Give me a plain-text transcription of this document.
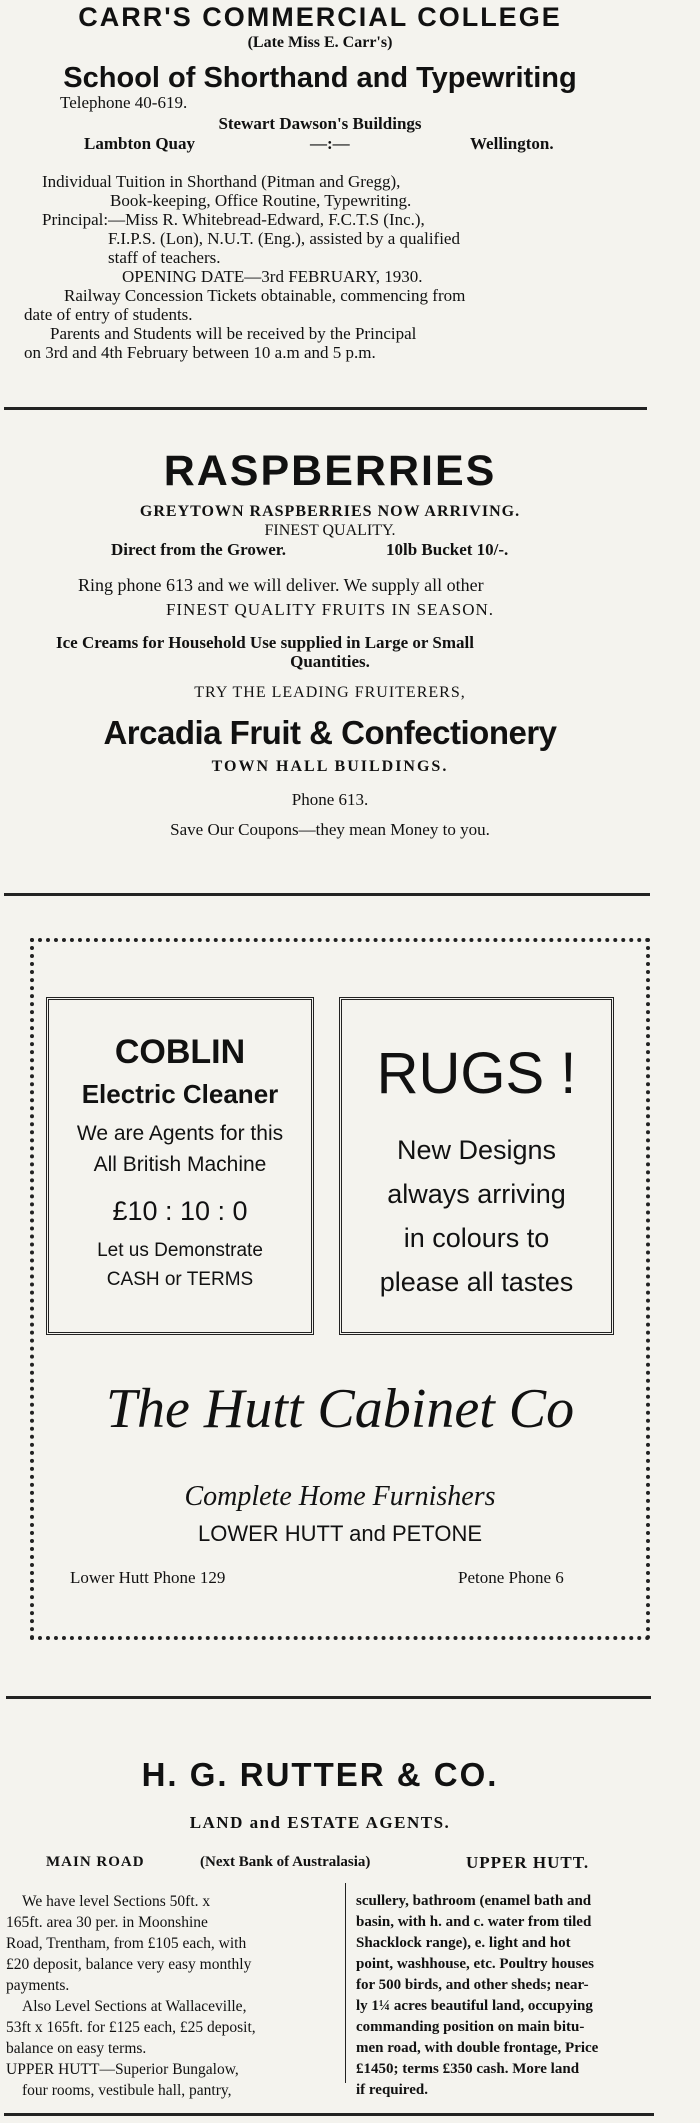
CARR'S COMMERCIAL COLLEGE
(Late Miss E. Carr's)
School of Shorthand and Typewriting
Telephone 40-619.
Stewart Dawson's Buildings
Lambton Quay	—:—	Wellington.
Individual Tuition in Shorthand (Pitman and Gregg),
Book-keeping, Office Routine, Typewriting.
Principal:—Miss R. Whitebread-Edward, F.C.T.S (Inc.),
F.I.P.S. (Lon), N.U.T. (Eng.), assisted by a qualified
staff of teachers.
OPENING DATE—3rd FEBRUARY, 1930.
Railway Concession Tickets obtainable, commencing from
date of entry of students.
Parents and Students will be received by the Principal
on 3rd and 4th February between 10 a.m and 5 p.m.
RASPBERRIES
GREYTOWN RASPBERRIES NOW ARRIVING.
FINEST QUALITY.
Direct from the Grower.	10lb Bucket 10/-.
Ring phone 613 and we will deliver. We supply all other
FINEST QUALITY FRUITS IN SEASON.
Ice Creams for Household Use supplied in Large or Small
Quantities.
TRY THE LEADING FRUITERERS,
Arcadia Fruit & Confectionery
TOWN HALL BUILDINGS.
Phone 613.
Save Our Coupons—they mean Money to you.
COBLIN
Electric Cleaner
We are Agents for this
All British Machine
£10 : 10 : 0
Let us Demonstrate
CASH or TERMS
RUGS !
New Designs
always arriving
in colours to
please all tastes
The Hutt Cabinet Co
Complete Home Furnishers
LOWER HUTT and PETONE
Lower Hutt Phone 129	Petone Phone 6
H. G. RUTTER & CO.
LAND and ESTATE AGENTS.
MAIN ROAD	(Next Bank of Australasia)	UPPER HUTT.
We have level Sections 50ft. x
165ft. area 30 per. in Moonshine
Road, Trentham, from £105 each, with
£20 deposit, balance very easy monthly
payments.
Also Level Sections at Wallaceville,
53ft x 165ft. for £125 each, £25 deposit,
balance on easy terms.
UPPER HUTT—Superior Bungalow,
four rooms, vestibule hall, pantry,
scullery, bathroom (enamel bath and
basin, with h. and c. water from tiled
Shacklock range), e. light and hot
point, washhouse, etc. Poultry houses
for 500 birds, and other sheds; near-
ly 1¼ acres beautiful land, occupying
commanding position on main bitu-
men road, with double frontage, Price
£1450; terms £350 cash. More land
if required.
